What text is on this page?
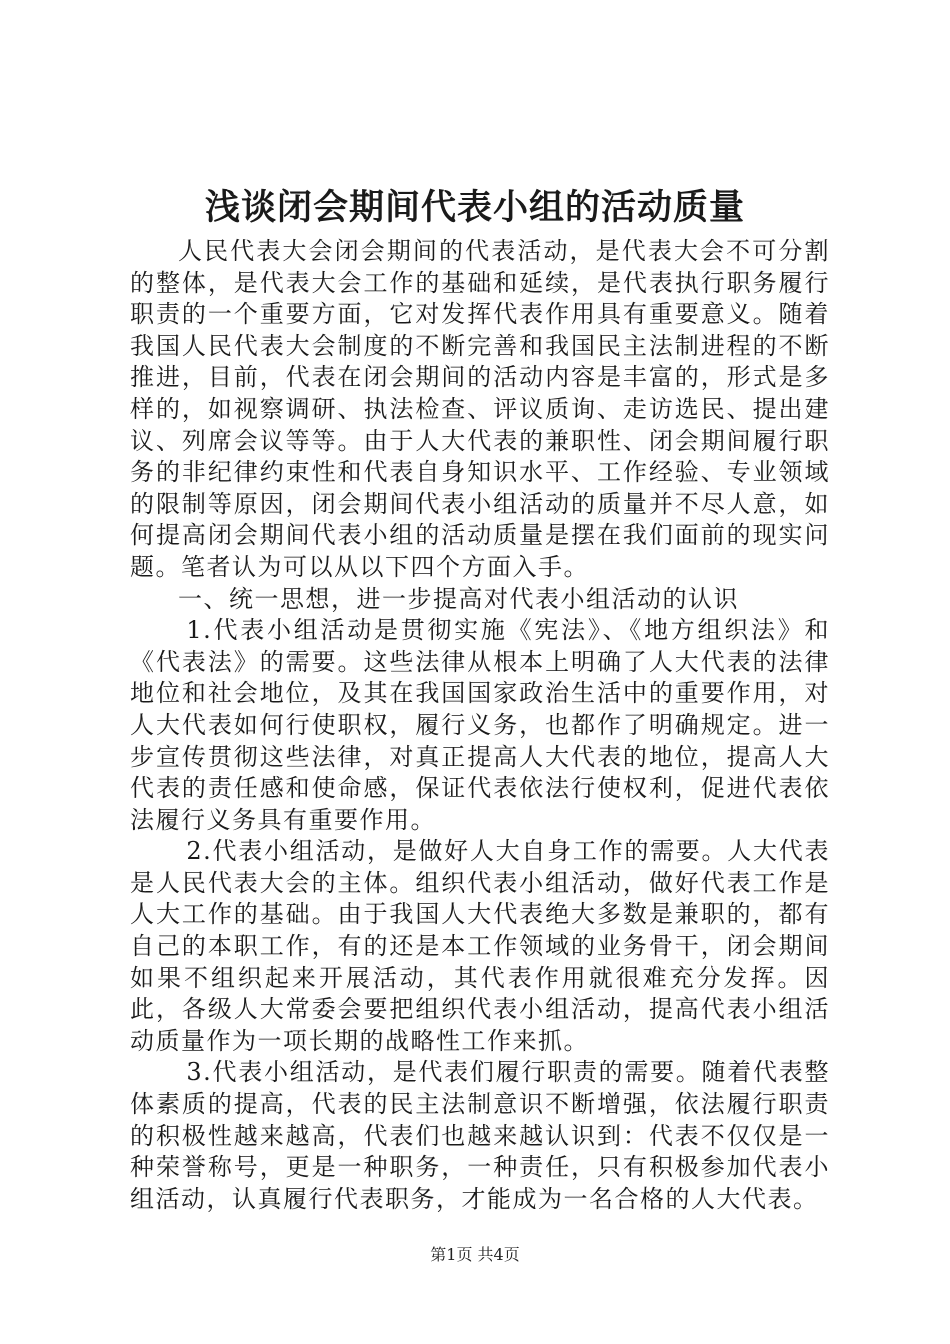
浅谈闭会期间代表小组的活动质量

人民代表大会闭会期间的代表活动，是代表大会不可分割的整体，是代表大会工作的基础和延续，是代表执行职务履行职责的一个重要方面，它对发挥代表作用具有重要意义。随着我国人民代表大会制度的不断完善和我国民主法制进程的不断推进，目前，代表在闭会期间的活动内容是丰富的，形式是多样的，如视察调研、执法检查、评议质询、走访选民、提出建议、列席会议等等。由于人大代表的兼职性、闭会期间履行职务的非纪律约束性和代表自身知识水平、工作经验、专业领域的限制等原因，闭会期间代表小组活动的质量并不尽人意，如何提高闭会期间代表小组的活动质量是摆在我们面前的现实问题。笔者认为可以从以下四个方面入手。

一、统一思想，进一步提高对代表小组活动的认识

1.代表小组活动是贯彻实施《宪法》、《地方组织法》和《代表法》的需要。这些法律从根本上明确了人大代表的法律地位和社会地位，及其在我国国家政治生活中的重要作用，对人大代表如何行使职权，履行义务，也都作了明确规定。进一步宣传贯彻这些法律，对真正提高人大代表的地位，提高人大代表的责任感和使命感，保证代表依法行使权利，促进代表依法履行义务具有重要作用。

2.代表小组活动，是做好人大自身工作的需要。人大代表是人民代表大会的主体。组织代表小组活动，做好代表工作是人大工作的基础。由于我国人大代表绝大多数是兼职的，都有自己的本职工作，有的还是本工作领域的业务骨干，闭会期间如果不组织起来开展活动，其代表作用就很难充分发挥。因此，各级人大常委会要把组织代表小组活动，提高代表小组活动质量作为一项长期的战略性工作来抓。

3.代表小组活动，是代表们履行职责的需要。随着代表整体素质的提高，代表的民主法制意识不断增强，依法履行职责的积极性越来越高，代表们也越来越认识到：代表不仅仅是一种荣誉称号，更是一种职务，一种责任，只有积极参加代表小组活动，认真履行代表职务，才能成为一名合格的人大代表。

第1页 共4页
